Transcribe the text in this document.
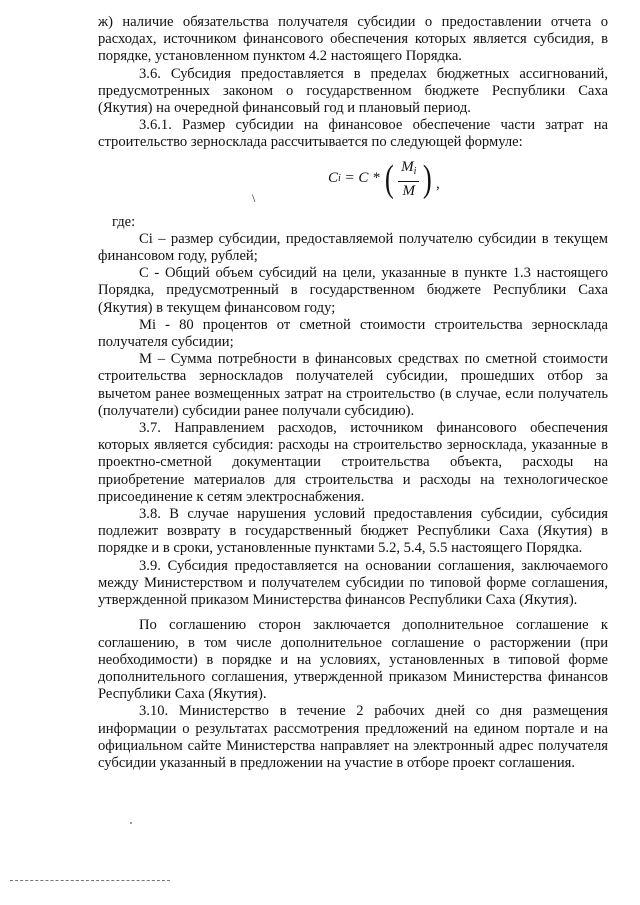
ж) наличие обязательства получателя субсидии о предоставлении отчета о расходах, источником финансового обеспечения которых является субсидия, в порядке, установленном пунктом 4.2 настоящего Порядка.

3.6. Субсидия предоставляется в пределах бюджетных ассигнований, предусмотренных законом о государственном бюджете Республики Саха (Якутия) на очередной финансовый год и плановый период.

3.6.1. Размер субсидии на финансовое обеспечение части затрат на строительство зерносклада рассчитывается по следующей формуле:

\
C i = C * ( $\frac{M_i}{M}$ ) ,

где:

Сi – размер субсидии, предоставляемой получателю субсидии в текущем финансовом году, рублей;

С - Общий объем субсидий на цели, указанные в пункте 1.3 настоящего Порядка, предусмотренный в государственном бюджете Республики Саха (Якутия) в текущем финансовом году;

Mi - 80 процентов от сметной стоимости строительства зерносклада получателя субсидии;

М – Сумма потребности в финансовых средствах по сметной стоимости строительства зерноскладов получателей субсидии, прошедших отбор за вычетом ранее возмещенных затрат на строительство (в случае, если получатель (получатели) субсидии ранее получали субсидию).

3.7. Направлением расходов, источником финансового обеспечения которых является субсидия: расходы на строительство зерносклада, указанные в проектно-сметной документации строительства объекта, расходы на приобретение материалов для строительства и расходы на технологическое присоединение к сетям электроснабжения.

3.8. В случае нарушения условий предоставления субсидии, субсидия подлежит возврату в государственный бюджет Республики Саха (Якутия) в порядке и в сроки, установленные пунктами 5.2, 5.4, 5.5 настоящего Порядка.

3.9. Субсидия предоставляется на основании соглашения, заключаемого между Министерством и получателем субсидии по типовой форме соглашения, утвержденной приказом Министерства финансов Республики Саха (Якутия).

По соглашению сторон заключается дополнительное соглашение к соглашению, в том числе дополнительное соглашение о расторжении (при необходимости) в порядке и на условиях, установленных в типовой форме дополнительного соглашения, утвержденной приказом Министерства финансов Республики Саха (Якутия).

3.10. Министерство в течение 2 рабочих дней со дня размещения информации о результатах рассмотрения предложений на едином портале и на официальном сайте Министерства направляет на электронный адрес получателя субсидии указанный в предложении на участие в отборе проект соглашения.
